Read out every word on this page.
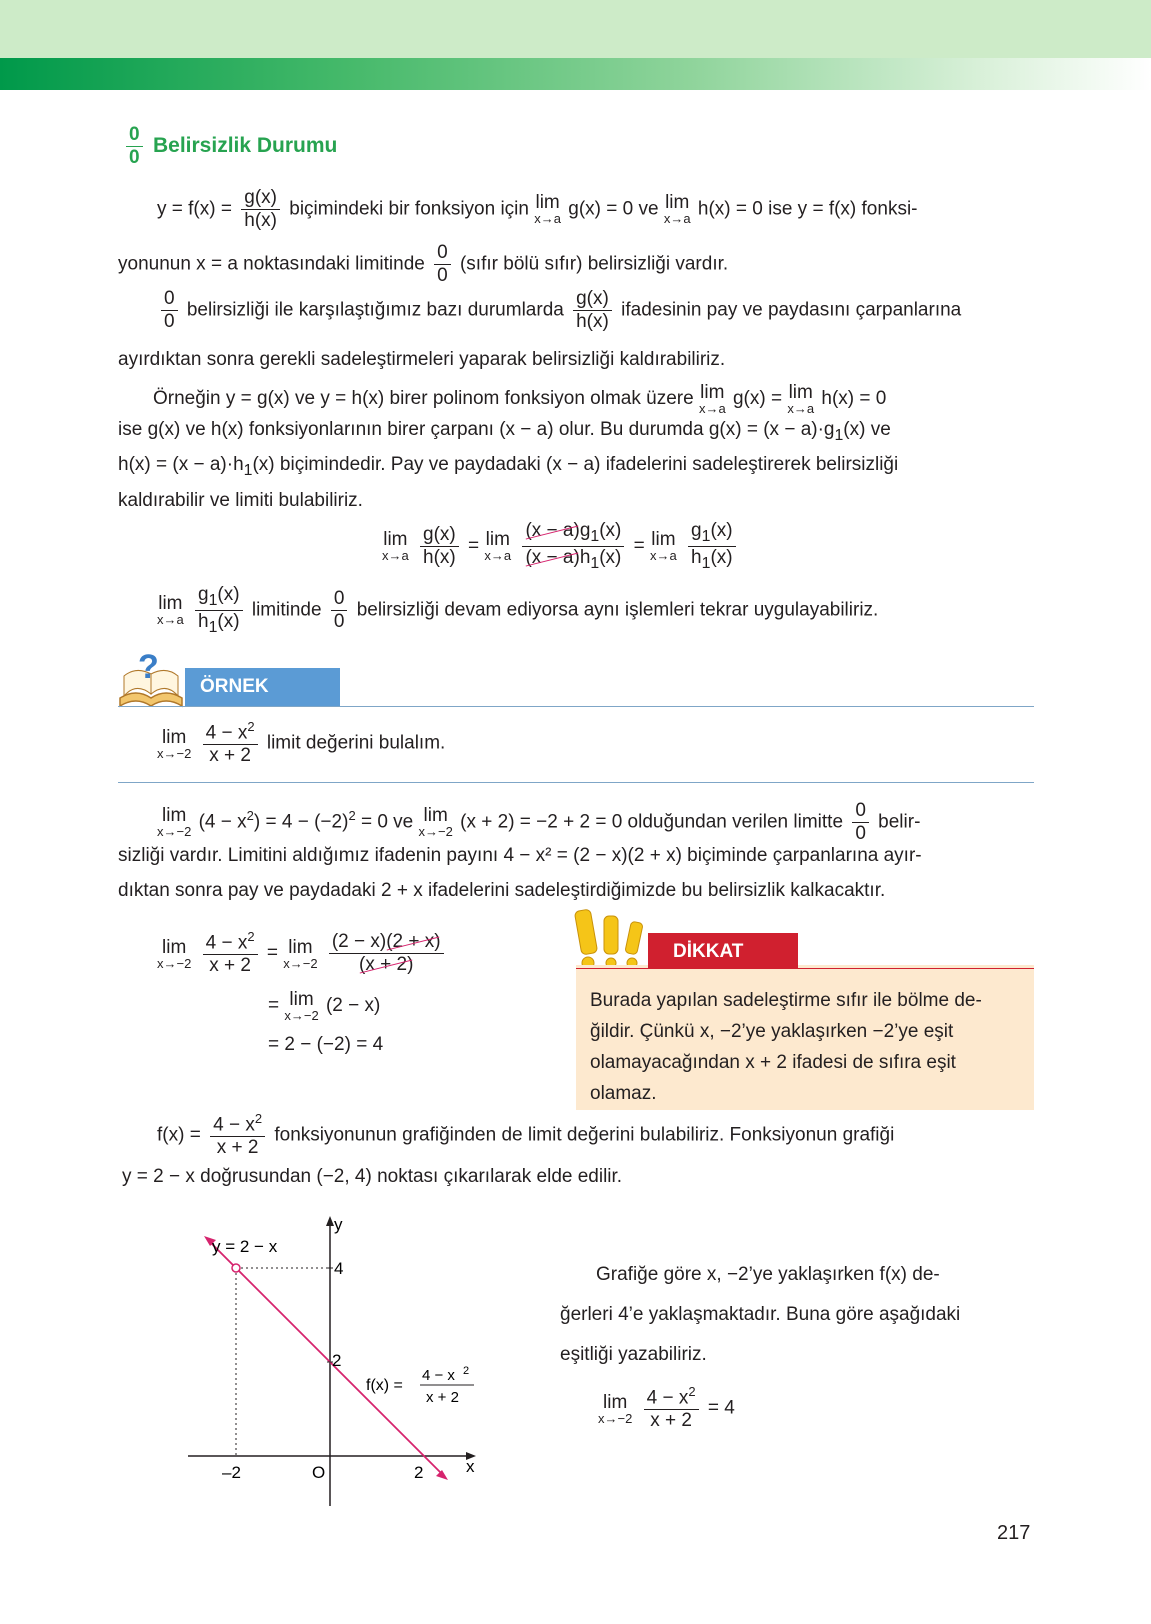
$\frac{0}{0}$ Belirsizlik Durumu
$y = f(x) = \frac{g(x)}{h(x)}$ biçimindeki bir fonksiyon için lim
x→a g(x) = 0 ve lim
x→a h(x) = 0 ise y = f(x) fonksi-
yonunun x = a noktasındaki limitinde $\frac{0}{0}$ (sıfır bölü sıfır) belirsizliği vardır.
$\frac{0}{0}$ belirsizliği ile karşılaştığımız bazı durumlarda $\frac{g(x)}{h(x)}$ ifadesinin pay ve paydasını çarpanlarına
ayırdıktan sonra gerekli sadeleştirmeleri yaparak belirsizliği kaldırabiliriz.
Örneğin y = g(x) ve y = h(x) birer polinom fonksiyon olmak üzere lim
x→a g(x) = lim
x→a h(x) = 0
ise g(x) ve h(x) fonksiyonlarının birer çarpanı (x − a) olur. Bu durumda $g(x) = (x - a)\cdot g_1(x)$ ve
$h(x) = (x - a)\cdot h_1(x)$ biçimindedir. Pay ve paydadaki (x − a) ifadelerini sadeleştirerek belirsizliği
kaldırabilir ve limiti bulabiliriz.
lim
x→a
$\frac{g(x)}{h(x)} = \lim$
x→a
$\frac{(x - a)g_1(x)}{(x - a)h_1(x)} = \lim$
x→a
$\frac{g_1(x)}{h_1(x)}$
lim
x→a
$\frac{g_1(x)}{h_1(x)}$ limitinde $\frac{0}{0}$ belirsizliği devam ediyorsa aynı işlemleri tekrar uygulayabiliriz.
?
ÖRNEK
lim
x→−2
$\frac{4 - x^2}{x + 2}$ limit değerini bulalım.
lim
x→−2 $(4 - x^2) = 4 - (-2)^2 = 0$ ve lim
x→−2 (x + 2) = −2 + 2 = 0 olduğundan verilen limitte $\frac{0}{0}$ belir-
sizliği vardır. Limitini aldığımız ifadenin payını 4 − x² = (2 − x)(2 + x) biçiminde çarpanlarına ayır-
dıktan sonra pay ve paydadaki 2 + x ifadelerini sadeleştirdiğimizde bu belirsizlik kalkacaktır.
lim
x→−2
$\frac{4 - x^2}{x + 2} = \lim$
x→−2
$\frac{(2 - x)(2 + x)}{(x + 2)}$
= lim
x→−2 (2 − x)
= 2 − (−2) = 4
DİKKAT
Burada yapılan sadeleştirme sıfır ile bölme de-
ğildir. Çünkü x, −2’ye yaklaşırken −2’ye eşit
olamayacağından x + 2 ifadesi de sıfıra eşit
olamaz.
$f(x) = \frac{4 - x^2}{x + 2}$ fonksiyonunun grafiğinden de limit değerini bulabiliriz. Fonksiyonun grafiği
y = 2 − x doğrusundan (−2, 4) noktası çıkarılarak elde edilir.
y = 2 − x
y
x
4
2
–2	O	2
f(x) =
4 − x 2
x + 2
Grafiğe göre x, −2’ye yaklaşırken f(x) de-
ğerleri 4’e yaklaşmaktadır. Buna göre aşağıdaki
eşitliği yazabiliriz.
lim
x→−2
$\frac{4 - x^2}{x + 2} = 4$
217
